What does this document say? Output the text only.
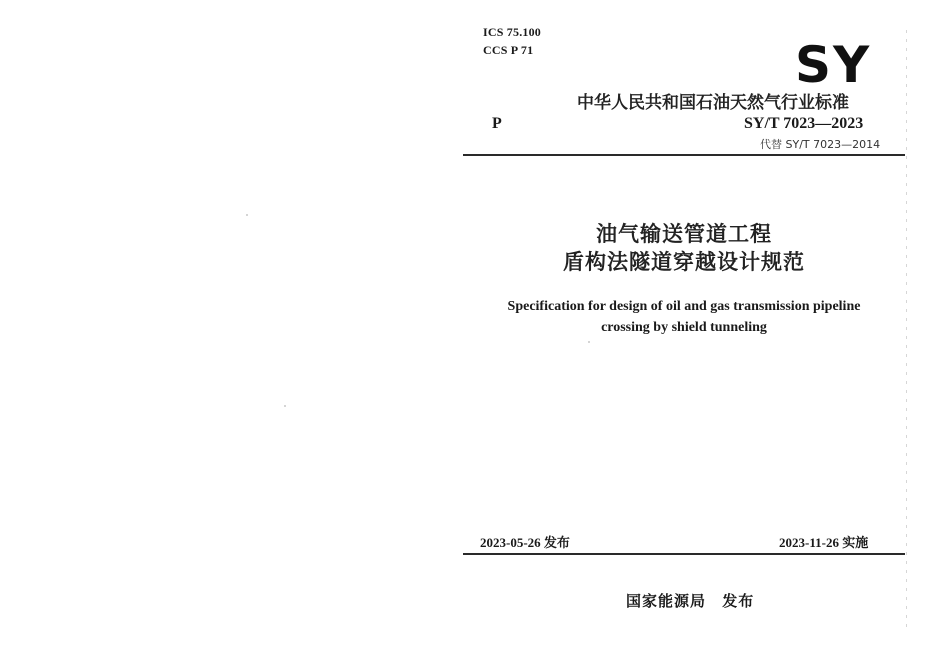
ICS 75.100
CCS P 71	SY
中华人民共和国石油天然气行业标准
P	SY/T 7023—2023
代替 SY/T 7023—2014
油气输送管道工程
盾构法隧道穿越设计规范
Specification for design of oil and gas transmission pipeline
crossing by shield tunneling
2023-05-26 发布	2023-11-26 实施
国家能源局 发布
